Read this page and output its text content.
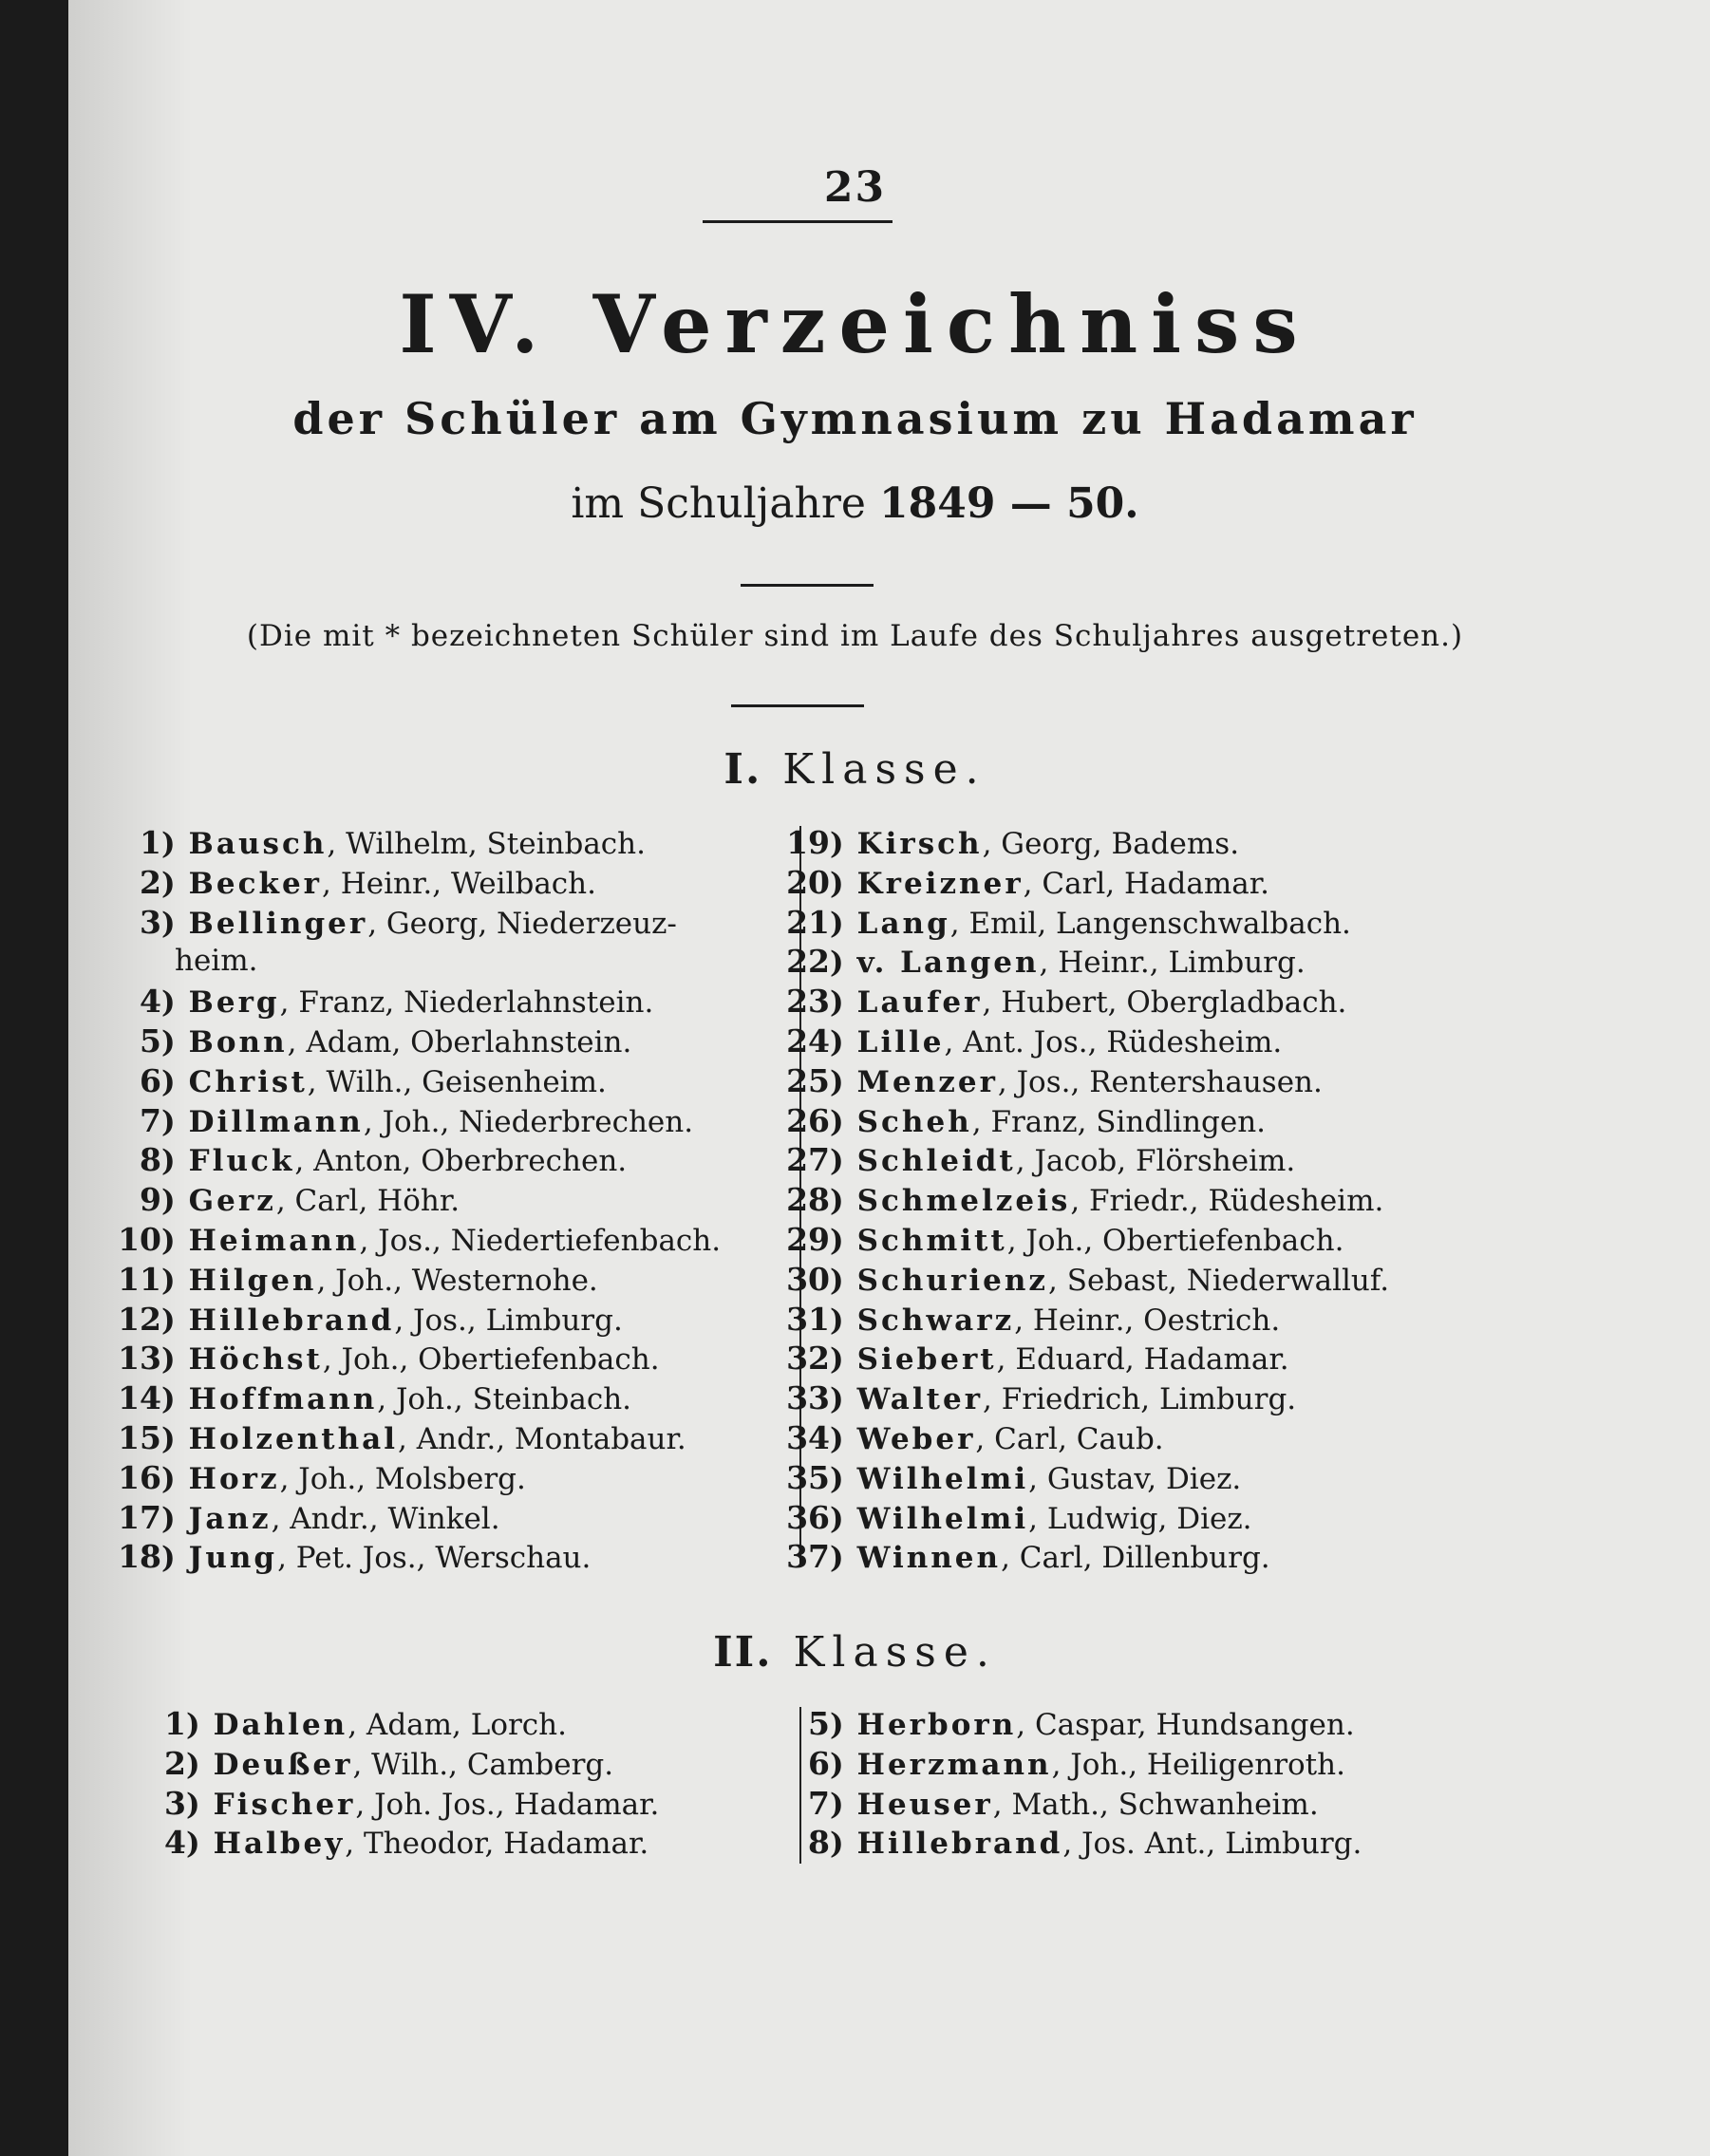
23
IV. Verzeichniss
der Schüler am Gymnasium zu Hadamar
im Schuljahre 1849 — 50.
(Die mit * bezeichneten Schüler sind im Laufe des Schuljahres ausgetreten.)
I. Klasse.
1) Bausch, Wilhelm, Steinbach.
2) Becker, Heinr., Weilbach.
3) Bellinger, Georg, Niederzeuz-
heim.
4) Berg, Franz, Niederlahnstein.
5) Bonn, Adam, Oberlahnstein.
6) Christ, Wilh., Geisenheim.
7) Dillmann, Joh., Niederbrechen.
8) Fluck, Anton, Oberbrechen.
9) Gerz, Carl, Höhr.
10) Heimann, Jos., Niedertiefenbach.
11) Hilgen, Joh., Westernohe.
12) Hillebrand, Jos., Limburg.
13) Höchst, Joh., Obertiefenbach.
14) Hoffmann, Joh., Steinbach.
15) Holzenthal, Andr., Montabaur.
16) Horz, Joh., Molsberg.
17) Janz, Andr., Winkel.
18) Jung, Pet. Jos., Werschau.
19) Kirsch, Georg, Badems.
20) Kreizner, Carl, Hadamar.
21) Lang, Emil, Langenschwalbach.
22) v. Langen, Heinr., Limburg.
23) Laufer, Hubert, Obergladbach.
24) Lille, Ant. Jos., Rüdesheim.
25) Menzer, Jos., Rentershausen.
26) Scheh, Franz, Sindlingen.
27) Schleidt, Jacob, Flörsheim.
28) Schmelzeis, Friedr., Rüdesheim.
29) Schmitt, Joh., Obertiefenbach.
30) Schurienz, Sebast, Niederwalluf.
31) Schwarz, Heinr., Oestrich.
32) Siebert, Eduard, Hadamar.
33) Walter, Friedrich, Limburg.
34) Weber, Carl, Caub.
35) Wilhelmi, Gustav, Diez.
36) Wilhelmi, Ludwig, Diez.
37) Winnen, Carl, Dillenburg.
II. Klasse.
1) Dahlen, Adam, Lorch.
2) Deußer, Wilh., Camberg.
3) Fischer, Joh. Jos., Hadamar.
4) Halbey, Theodor, Hadamar.
5) Herborn, Caspar, Hundsangen.
6) Herzmann, Joh., Heiligenroth.
7) Heuser, Math., Schwanheim.
8) Hillebrand, Jos. Ant., Limburg.
